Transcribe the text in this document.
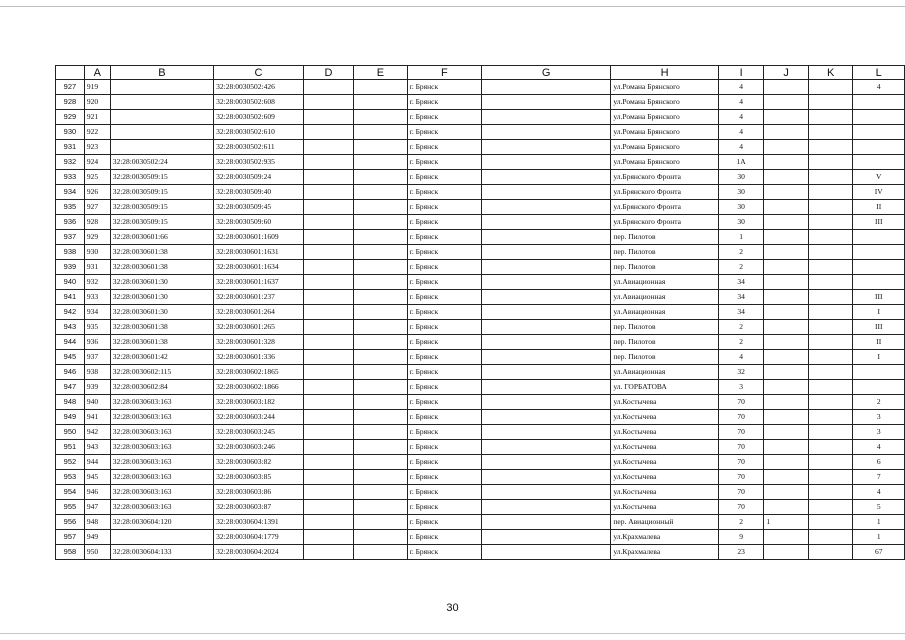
	A	B	C	D	E	F	G	H	I	J	K	L
927	919		32:28:0030502:426			г. Брянск		ул.Романа Брянского	4			4
928	920		32:28:0030502:608			г. Брянск		ул.Романа Брянского	4			
929	921		32:28:0030502:609			г. Брянск		ул.Романа Брянского	4			
930	922		32:28:0030502:610			г. Брянск		ул.Романа Брянского	4			
931	923		32:28:0030502:611			г. Брянск		ул.Романа Брянского	4			
932	924	32:28:0030502:24	32:28:0030502:935			г. Брянск		ул.Романа Брянского	1А			
933	925	32:28:0030509:15	32:28:0030509:24			г. Брянск		ул.Брянского Фронта	30			V
934	926	32:28:0030509:15	32:28:0030509:40			г. Брянск		ул.Брянского Фронта	30			IV
935	927	32:28:0030509:15	32:28:0030509:45			г. Брянск		ул.Брянского Фронта	30			II
936	928	32:28:0030509:15	32:28:0030509:60			г. Брянск		ул.Брянского Фронта	30			III
937	929	32:28:0030601:66	32:28:0030601:1609			г. Брянск		пер. Пилотов	1			
938	930	32:28:0030601:38	32:28:0030601:1631			г. Брянск		пер. Пилотов	2			
939	931	32:28:0030601:38	32:28:0030601:1634			г. Брянск		пер. Пилотов	2			
940	932	32:28:0030601:30	32:28:0030601:1637			г. Брянск		ул.Авиационная	34			
941	933	32:28:0030601:30	32:28:0030601:237			г. Брянск		ул.Авиационная	34			III
942	934	32:28:0030601:30	32:28:0030601:264			г. Брянск		ул.Авиационная	34			I
943	935	32:28:0030601:38	32:28:0030601:265			г. Брянск		пер. Пилотов	2			III
944	936	32:28:0030601:38	32:28:0030601:328			г. Брянск		пер. Пилотов	2			II
945	937	32:28:0030601:42	32:28:0030601:336			г. Брянск		пер. Пилотов	4			I
946	938	32:28:0030602:115	32:28:0030602:1865			г. Брянск		ул.Авиационная	32			
947	939	32:28:0030602:84	32:28:0030602:1866			г. Брянск		ул. ГОРБАТОВА	3			
948	940	32:28:0030603:163	32:28:0030603:182			г. Брянск		ул.Костычева	70			2
949	941	32:28:0030603:163	32:28:0030603:244			г. Брянск		ул.Костычева	70			3
950	942	32:28:0030603:163	32:28:0030603:245			г. Брянск		ул.Костычева	70			3
951	943	32:28:0030603:163	32:28:0030603:246			г. Брянск		ул.Костычева	70			4
952	944	32:28:0030603:163	32:28:0030603:82			г. Брянск		ул.Костычева	70			6
953	945	32:28:0030603:163	32:28:0030603:85			г. Брянск		ул.Костычева	70			7
954	946	32:28:0030603:163	32:28:0030603:86			г. Брянск		ул.Костычева	70			4
955	947	32:28:0030603:163	32:28:0030603:87			г. Брянск		ул.Костычева	70			5
956	948	32:28:0030604:120	32:28:0030604:1391			г. Брянск		пер. Авиационный	2	1		1
957	949		32:28:0030604:1779			г. Брянск		ул.Крахмалева	9			1
958	950	32:28:0030604:133	32:28:0030604:2024			г. Брянск		ул.Крахмалева	23			67
30
